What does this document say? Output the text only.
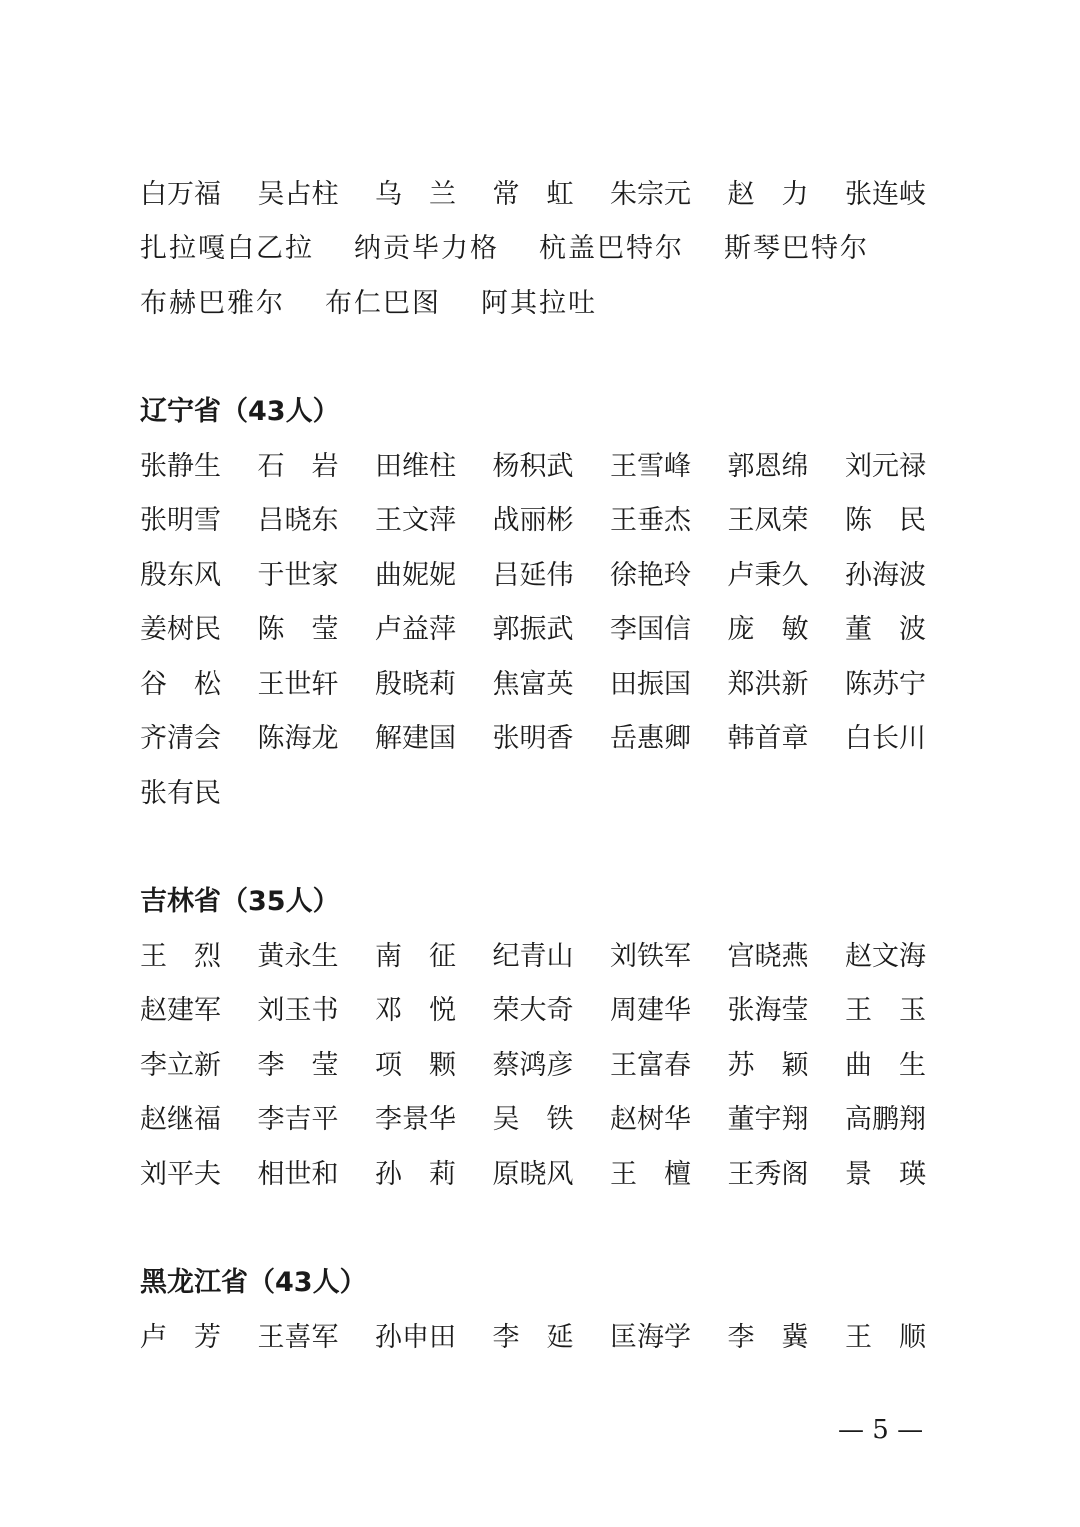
白万福	吴占柱	乌　兰	常　虹	朱宗元	赵　力	张连岐
扎拉嘎白乙拉 纳贡毕力格 杭盖巴特尔 斯琴巴特尔
布赫巴雅尔 布仁巴图 阿其拉吐
辽宁省 （43人）
张静生	石　岩	田维柱	杨积武	王雪峰	郭恩绵	刘元禄
张明雪	吕晓东	王文萍	战丽彬	王垂杰	王凤荣	陈　民
殷东风	于世家	曲妮妮	吕延伟	徐艳玲	卢秉久	孙海波
姜树民	陈　莹	卢益萍	郭振武	李国信	庞　敏	董　波
谷　松	王世轩	殷晓莉	焦富英	田振国	郑洪新	陈苏宁
齐清会	陈海龙	解建国	张明香	岳惠卿	韩首章	白长川
张有民
吉林省 （35人）
王　烈	黄永生	南　征	纪青山	刘铁军	宫晓燕	赵文海
赵建军	刘玉书	邓　悦	荣大奇	周建华	张海莹	王　玉
李立新	李　莹	项　颗	蔡鸿彦	王富春	苏　颖	曲　生
赵继福	李吉平	李景华	吴　铁	赵树华	董宇翔	高鹏翔
刘平夫	相世和	孙　莉	原晓风	王　檀	王秀阁	景　瑛
黑龙江省 （43人）
卢　芳	王喜军	孙申田	李　延	匡海学	李　冀	王　顺
— 5 —
